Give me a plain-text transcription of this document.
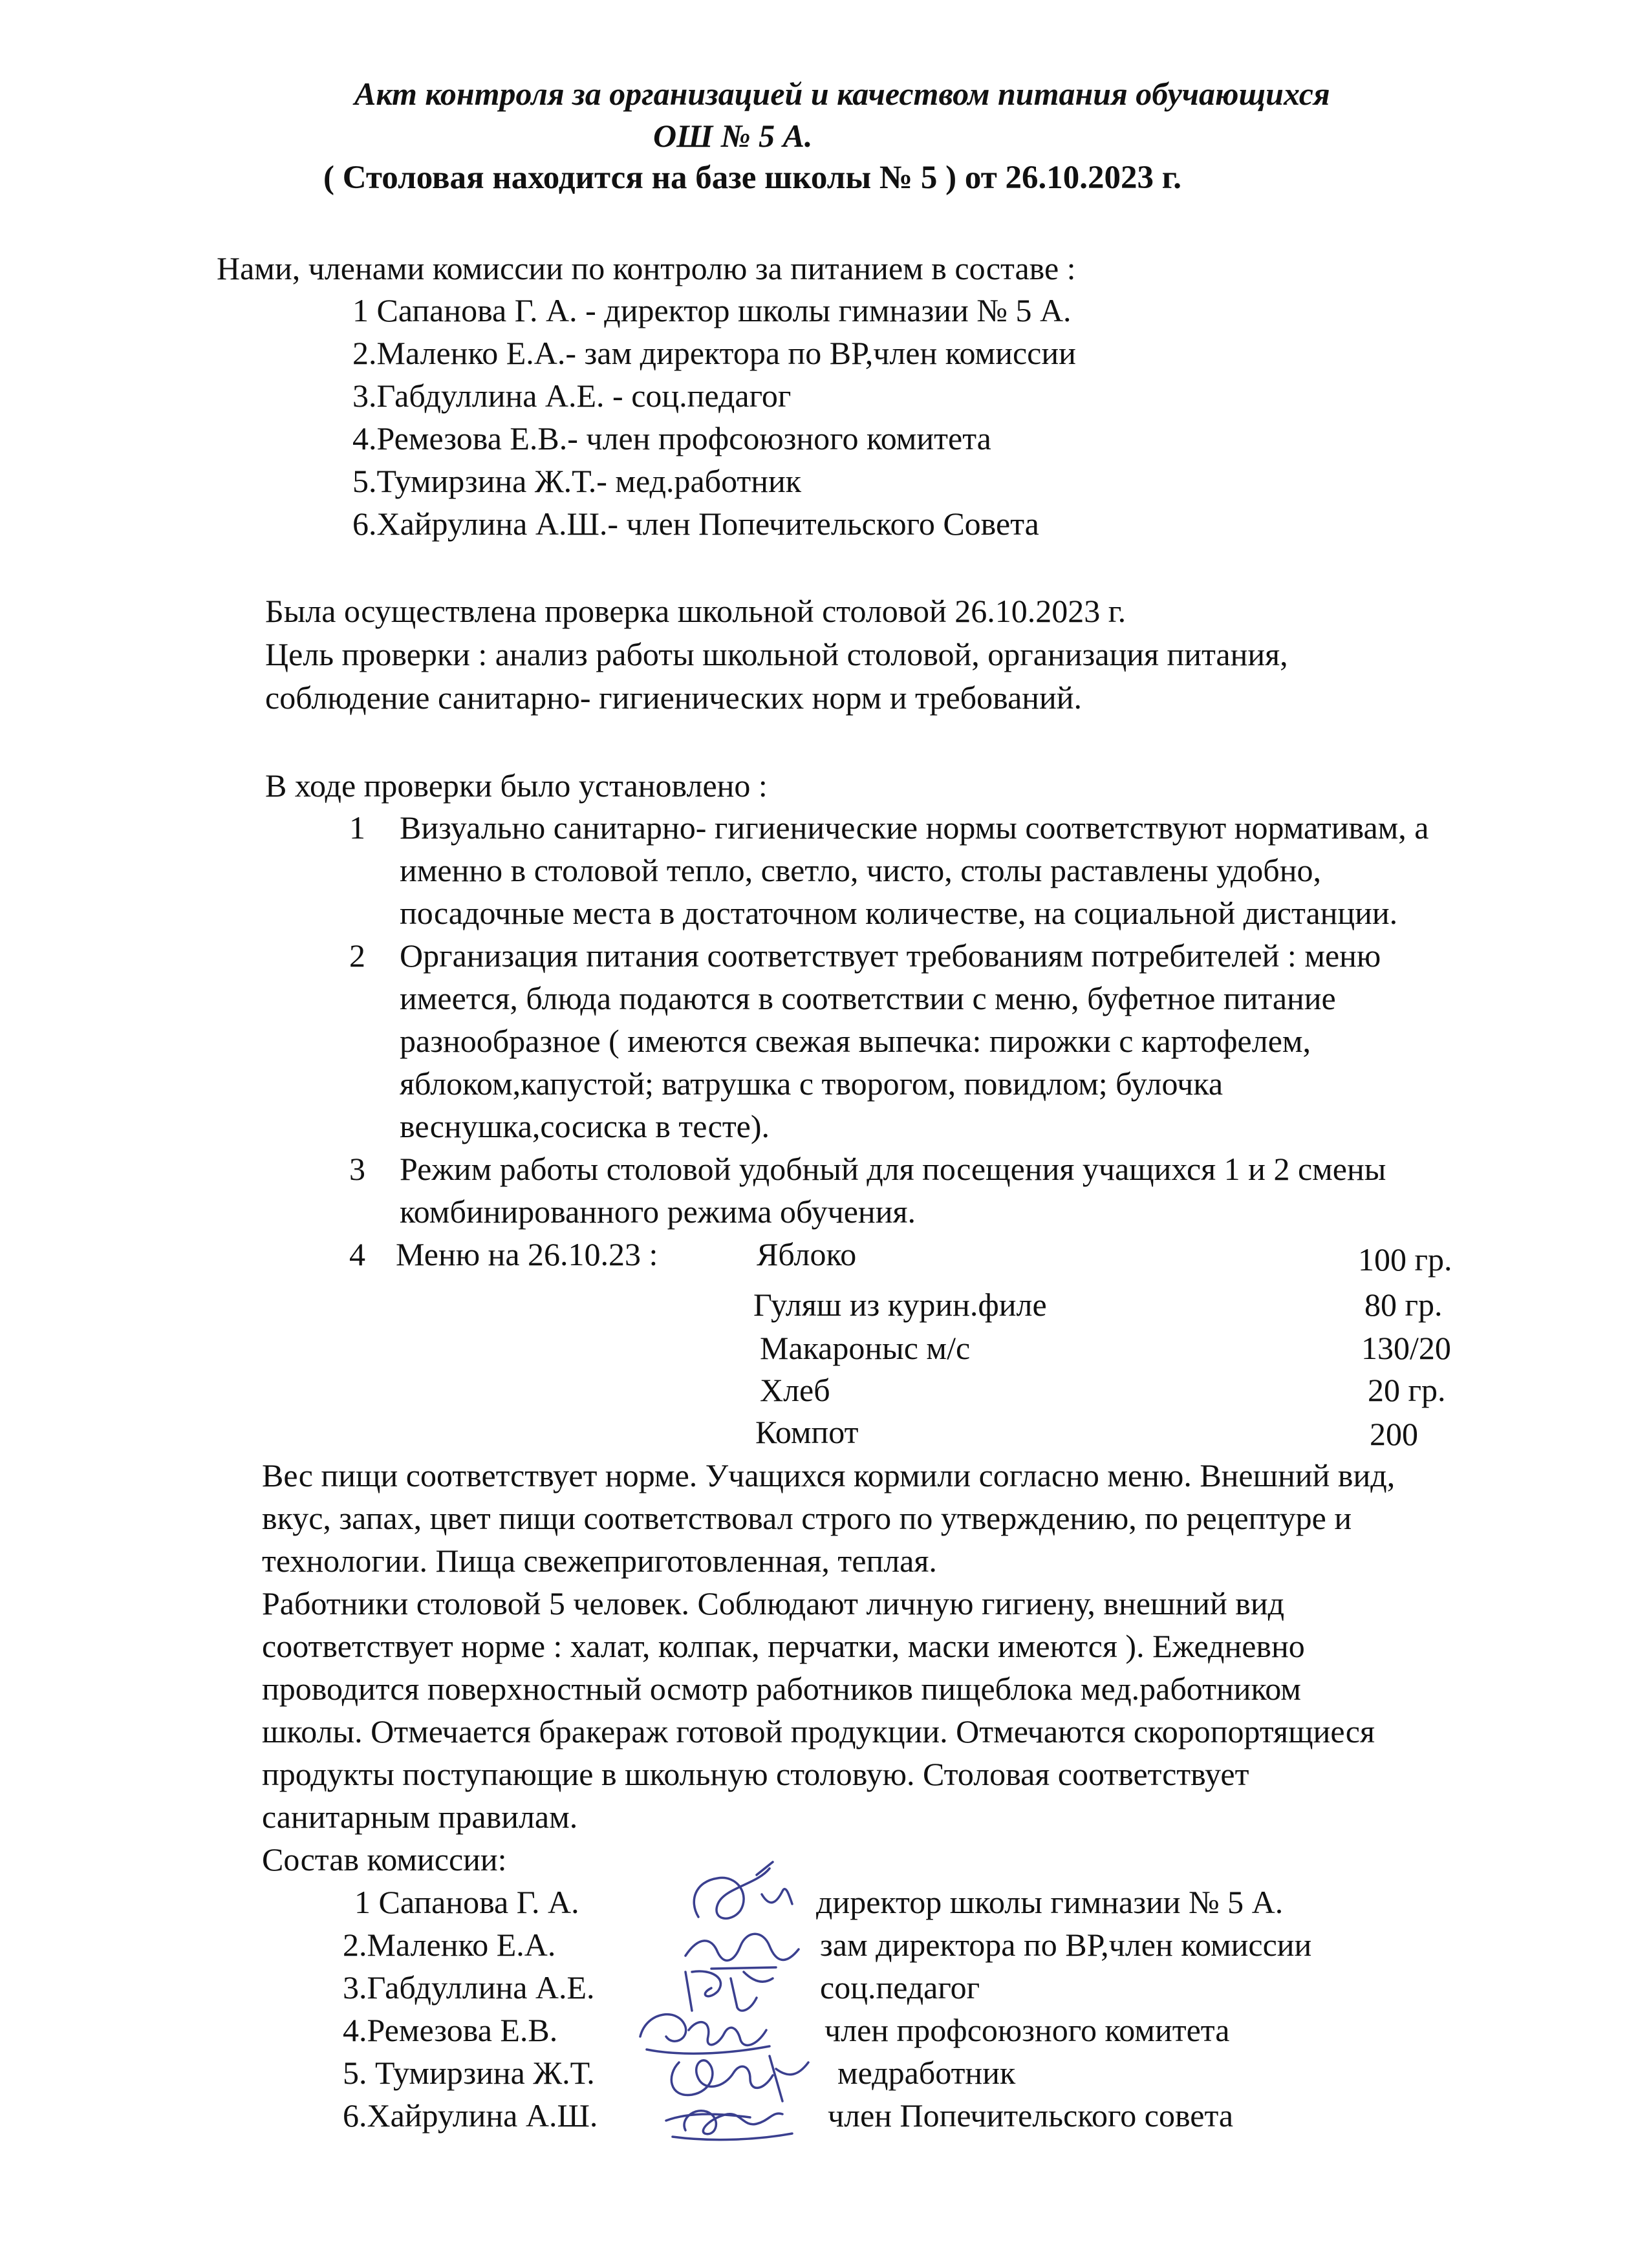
Акт контроля за организацией и качеством питания обучающихся
ОШ № 5 А.
( Столовая находится на базе школы № 5 ) от 26.10.2023 г.
Нами, членами комиссии по контролю за питанием в составе :
1 Сапанова Г. А. - директор школы гимназии № 5 А.
2.Маленко Е.А.- зам директора по ВР,член комиссии
3.Габдуллина А.Е. - соц.педагог
4.Ремезова Е.В.- член профсоюзного комитета
5.Тумирзина Ж.Т.- мед.работник
6.Хайрулина А.Ш.- член Попечительского Совета
Была осуществлена проверка школьной столовой 26.10.2023 г.
Цель проверки : анализ работы школьной столовой, организация питания,
соблюдение санитарно- гигиенических норм и требований.
В ходе проверки было установлено :
1 Визуально санитарно- гигиенические нормы соответствуют нормативам, а
именно в столовой тепло, светло, чисто, столы раставлены удобно,
посадочные места в достаточном количестве, на социальной дистанции.
2 Организация питания соответствует требованиям потребителей : меню
имеется, блюда подаются в соответствии с меню, буфетное питание
разнообразное ( имеются свежая выпечка: пирожки с картофелем,
яблоком,капустой; ватрушка с творогом, повидлом; булочка
веснушка,сосиска в тесте).
3 Режим работы столовой удобный для посещения учащихся 1 и 2 смены
комбинированного режима обучения.
4 Меню на 26.10.23 :	Яблоко	100 гр.
Гуляш из курин.филе	80 гр.
Макароныс м/с	130/20
Хлеб	20 гр.
Компот	200
Вес пищи соответствует норме. Учащихся кормили согласно меню. Внешний вид,
вкус, запах, цвет пищи соответствовал строго по утверждению, по рецептуре и
технологии. Пища свежеприготовленная, теплая.
Работники столовой 5 человек. Соблюдают личную гигиену, внешний вид
соответствует норме : халат, колпак, перчатки, маски имеются ). Ежедневно
проводится поверхностный осмотр работников пищеблока мед.работником
школы. Отмечается бракераж готовой продукции. Отмечаются скоропортящиеся
продукты поступающие в школьную столовую. Столовая соответствует
санитарным правилам.
Состав комиссии:
1 Сапанова Г. А.	директор школы гимназии № 5 А.
2.Маленко Е.А.	зам директора по ВР,член комиссии
3.Габдуллина А.Е.	соц.педагог
4.Ремезова Е.В.	член профсоюзного комитета
5. Тумирзина Ж.Т.	медработник
6.Хайрулина А.Ш.	член Попечительского совета
